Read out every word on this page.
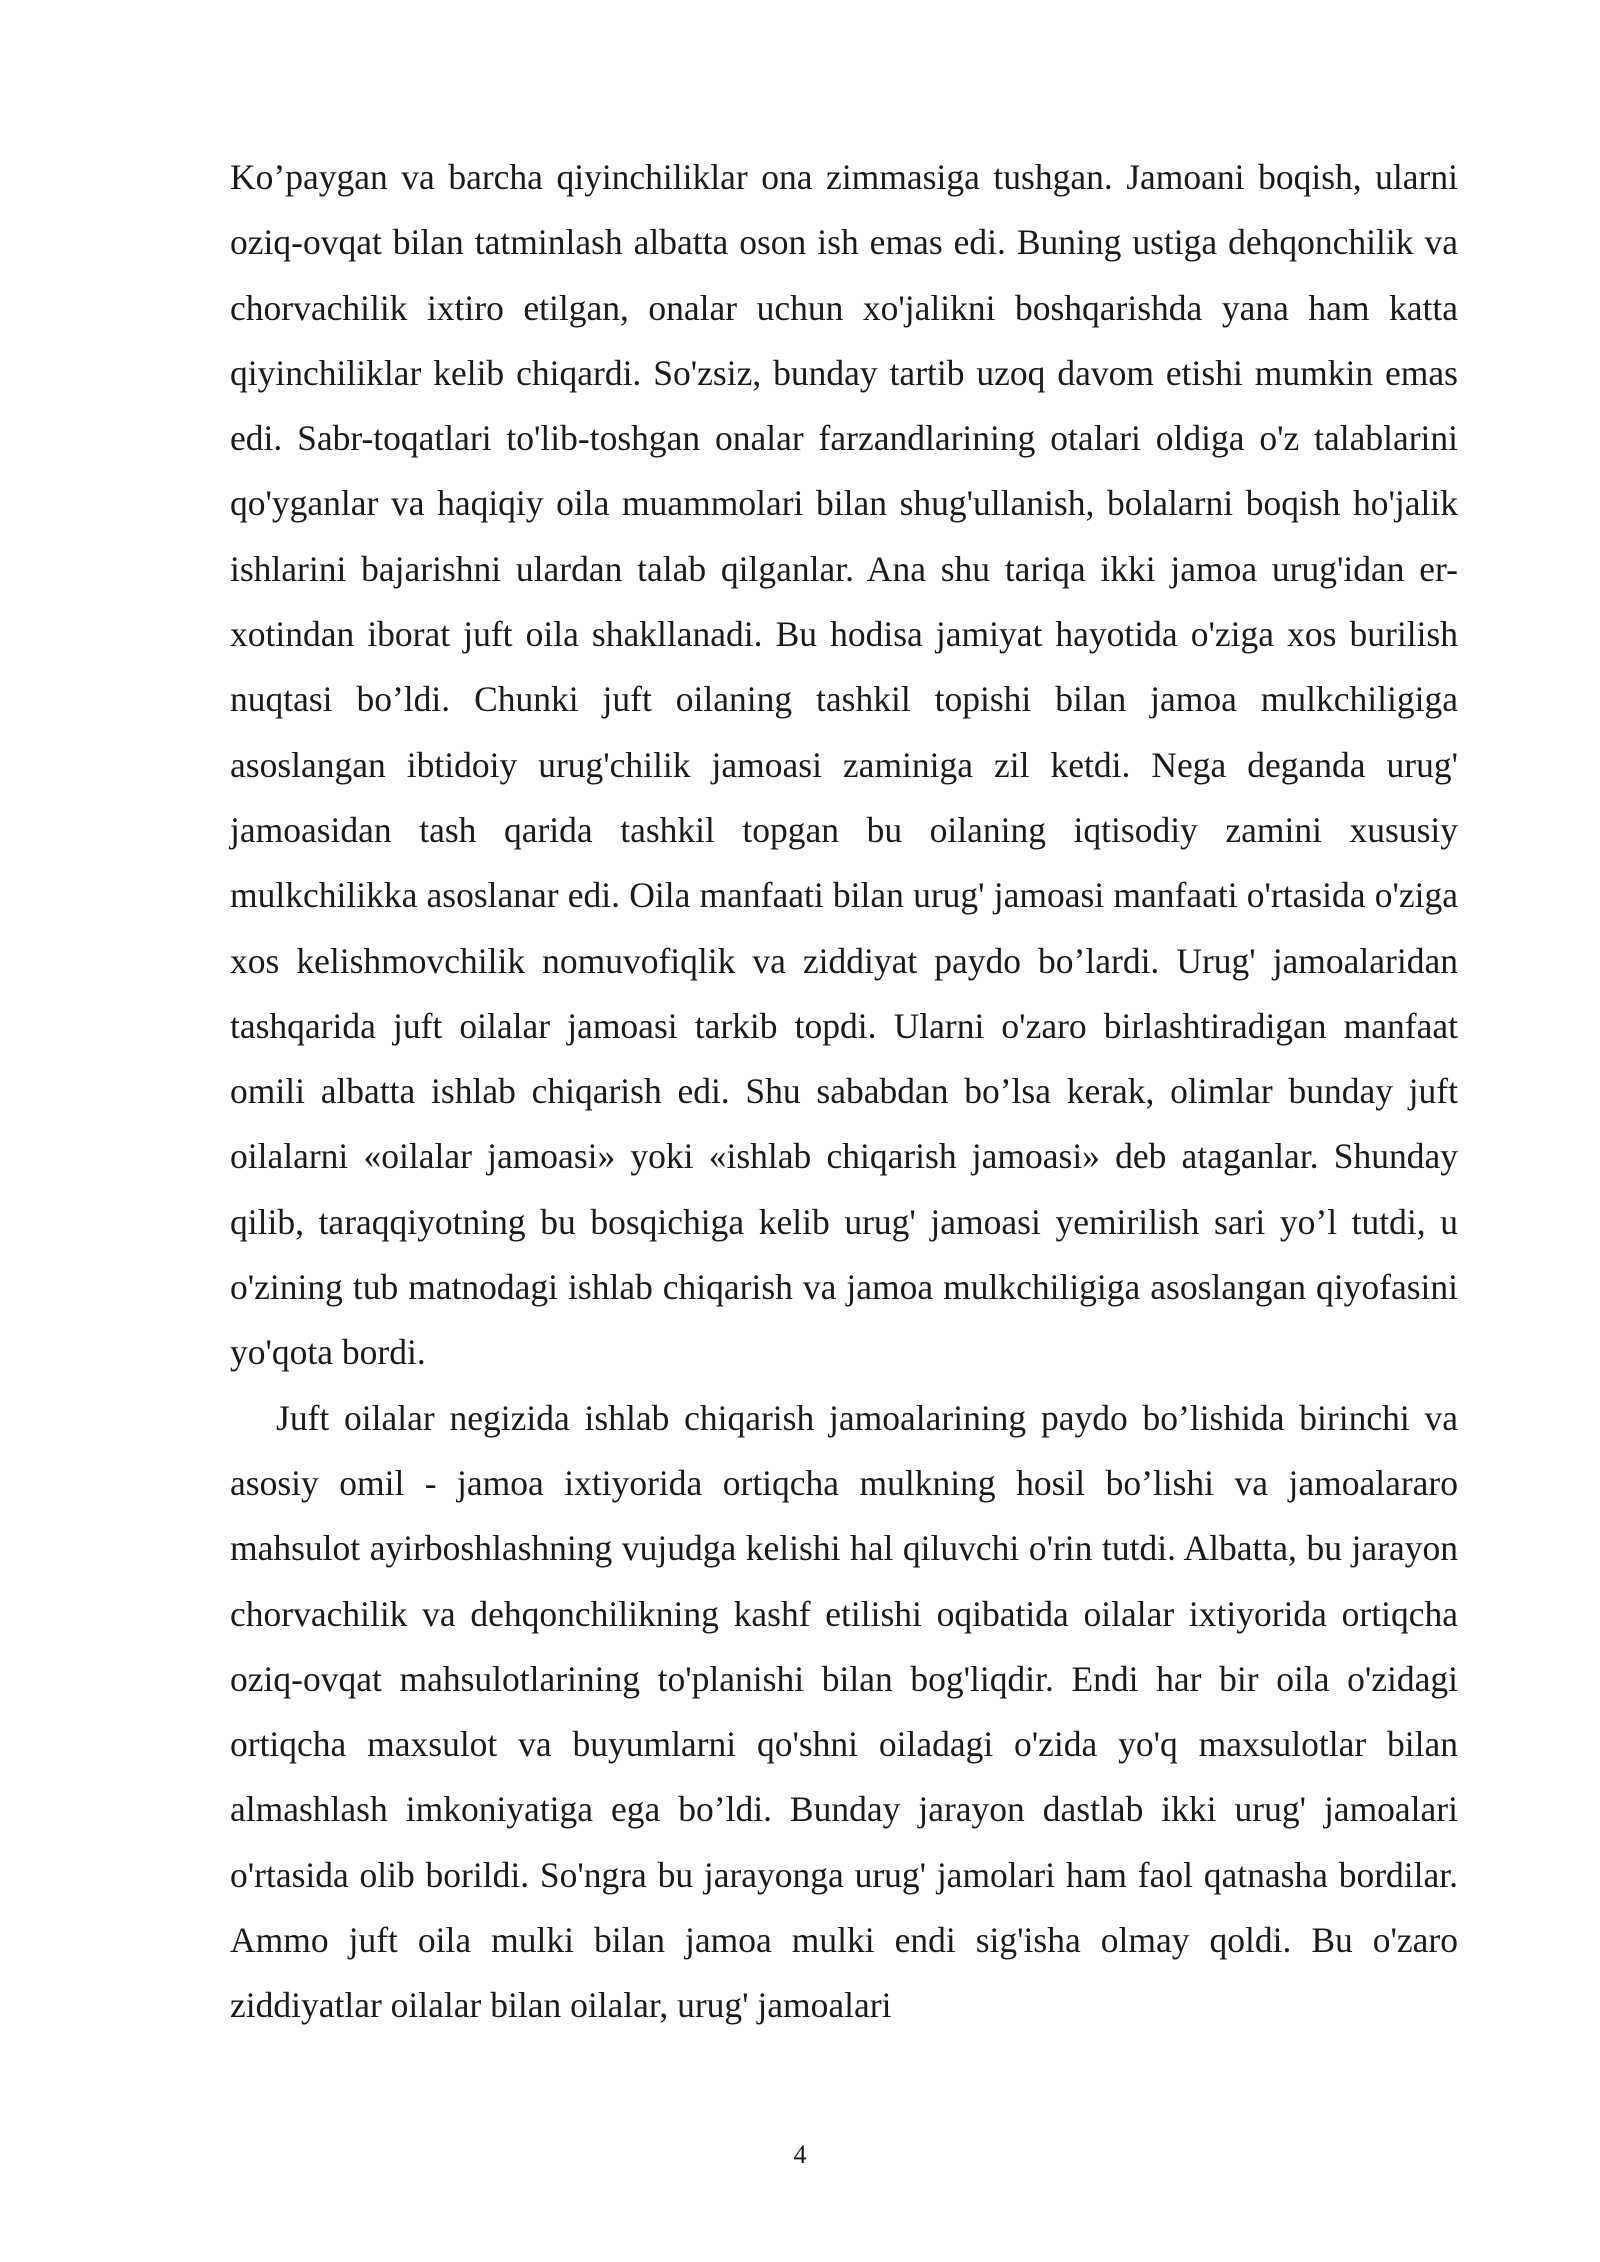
Ko’paygan va barcha qiyinchiliklar ona zimmasiga tushgan. Jamoani boqish, ularni oziq-ovqat bilan tatminlash albatta oson ish emas edi. Buning ustiga dehqonchilik va chorvachilik ixtiro etilgan, onalar uchun xo'jalikni boshqarishda yana ham katta qiyinchiliklar kelib chiqardi. So'zsiz, bunday tartib uzoq davom etishi mumkin emas edi. Sabr-toqatlari to'lib-toshgan onalar farzandlarining otalari oldiga o'z talablarini qo'yganlar va haqiqiy oila muammolari bilan shug'ullanish, bolalarni boqish ho'jalik ishlarini bajarishni ulardan talab qilganlar. Ana shu tariqa ikki jamoa urug'idan er-xotindan iborat juft oila shakllanadi. Bu hodisa jamiyat hayotida o'ziga xos burilish nuqtasi bo’ldi. Chunki juft oilaning tashkil topishi bilan jamoa mulkchiligiga asoslangan ibtidoiy urug'chilik jamoasi zaminiga zil ketdi. Nega deganda urug' jamoasidan tash qarida tashkil topgan bu oilaning iqtisodiy zamini xususiy mulkchilikka asoslanar edi. Oila manfaati bilan urug' jamoasi manfaati o'rtasida o'ziga xos kelishmovchilik nomuvofiqlik va ziddiyat paydo bo’lardi. Urug' jamoalaridan tashqarida juft oilalar jamoasi tarkib topdi. Ularni o'zaro birlashtiradigan manfaat omili albatta ishlab chiqarish edi. Shu sababdan bo’lsa kerak, olimlar bunday juft oilalarni «oilalar jamoasi» yoki «ishlab chiqarish jamoasi» deb ataganlar. Shunday qilib, taraqqiyotning bu bosqichiga kelib urug' jamoasi yemirilish sari yo’l tutdi, u o'zining tub matnodagi ishlab chiqarish va jamoa mulkchiligiga asoslangan qiyofasini yo'qota bordi.

Juft oilalar negizida ishlab chiqarish jamoalarining paydo bo’lishida birinchi va asosiy omil - jamoa ixtiyorida ortiqcha mulkning hosil bo’lishi va jamoalararo mahsulot ayirboshlashning vujudga kelishi hal qiluvchi o'rin tutdi. Albatta, bu jarayon chorvachilik va dehqonchilikning kashf etilishi oqibatida oilalar ixtiyorida ortiqcha oziq-ovqat mahsulotlarining to'planishi bilan bog'liqdir. Endi har bir oila o'zidagi ortiqcha maxsulot va buyumlarni qo'shni oiladagi o'zida yo'q maxsulotlar bilan almashlash imkoniyatiga ega bo’ldi. Bunday jarayon dastlab ikki urug' jamoalari o'rtasida olib borildi. So'ngra bu jarayonga urug' jamolari ham faol qatnasha bordilar. Ammo juft oila mulki bilan jamoa mulki endi sig'isha olmay qoldi. Bu o'zaro ziddiyatlar oilalar bilan oilalar, urug' jamoalari

4
